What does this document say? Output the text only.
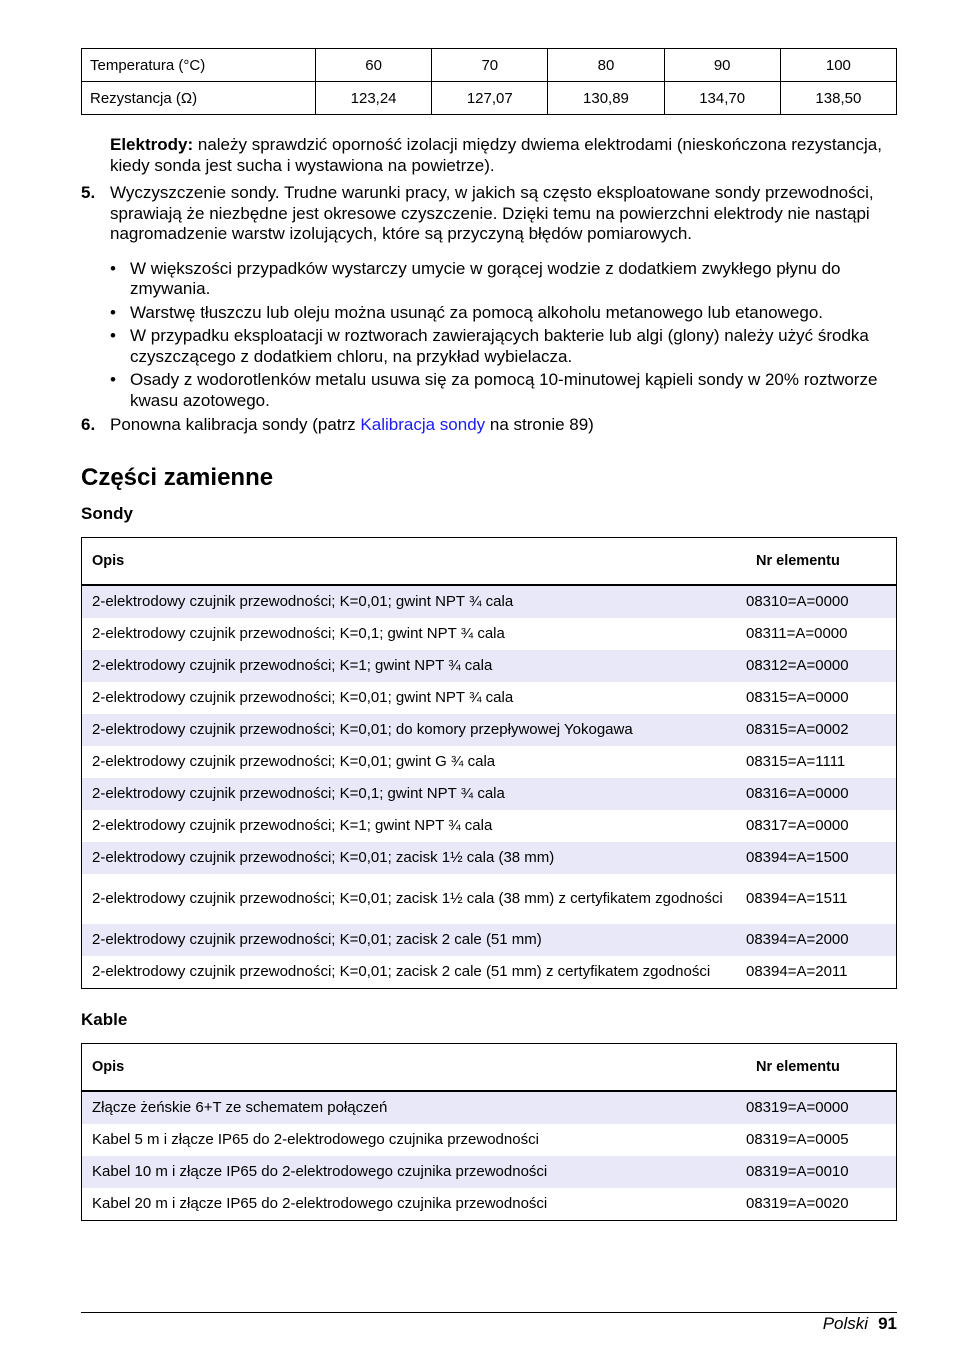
Temperatura (°C)	60	70	80	90	100
Rezystancja (Ω)	123,24	127,07	130,89	134,70	138,50

Elektrody: należy sprawdzić oporność izolacji między dwiema elektrodami (nieskończona rezystancja, kiedy sonda jest sucha i wystawiona na powietrze).

5. Wyczyszczenie sondy. Trudne warunki pracy, w jakich są często eksploatowane sondy przewodności, sprawiają że niezbędne jest okresowe czyszczenie. Dzięki temu na powierzchni elektrody nie nastąpi nagromadzenie warstw izolujących, które są przyczyną błędów pomiarowych.
• W większości przypadków wystarczy umycie w gorącej wodzie z dodatkiem zwykłego płynu do zmywania.
• Warstwę tłuszczu lub oleju można usunąć za pomocą alkoholu metanowego lub etanowego.
• W przypadku eksploatacji w roztworach zawierających bakterie lub algi (glony) należy użyć środka czyszczącego z dodatkiem chloru, na przykład wybielacza.
• Osady z wodorotlenków metalu usuwa się za pomocą 10-minutowej kąpieli sondy w 20% roztworze kwasu azotowego.
6. Ponowna kalibracja sondy (patrz Kalibracja sondy na stronie 89)
Części zamienne
Sondy
Opis	Nr elementu
2-elektrodowy czujnik przewodności; K=0,01; gwint NPT ¾ cala	08310=A=0000
2-elektrodowy czujnik przewodności; K=0,1; gwint NPT ¾ cala	08311=A=0000
2-elektrodowy czujnik przewodności; K=1; gwint NPT ¾ cala	08312=A=0000
2-elektrodowy czujnik przewodności; K=0,01; gwint NPT ¾ cala	08315=A=0000
2-elektrodowy czujnik przewodności; K=0,01; do komory przepływowej Yokogawa	08315=A=0002
2-elektrodowy czujnik przewodności; K=0,01; gwint G ¾ cala	08315=A=1111
2-elektrodowy czujnik przewodności; K=0,1; gwint NPT ¾ cala	08316=A=0000
2-elektrodowy czujnik przewodności; K=1; gwint NPT ¾ cala	08317=A=0000
2-elektrodowy czujnik przewodności; K=0,01; zacisk 1½ cala (38 mm)	08394=A=1500
2-elektrodowy czujnik przewodności; K=0,01; zacisk 1½ cala (38 mm) z certyfikatem zgodności	08394=A=1511
2-elektrodowy czujnik przewodności; K=0,01; zacisk 2 cale (51 mm)	08394=A=2000
2-elektrodowy czujnik przewodności; K=0,01; zacisk 2 cale (51 mm) z certyfikatem zgodności	08394=A=2011
Kable
Opis	Nr elementu
Złącze żeńskie 6+T ze schematem połączeń	08319=A=0000
Kabel 5 m i złącze IP65 do 2-elektrodowego czujnika przewodności	08319=A=0005
Kabel 10 m i złącze IP65 do 2-elektrodowego czujnika przewodności	08319=A=0010
Kabel 20 m i złącze IP65 do 2-elektrodowego czujnika przewodności	08319=A=0020
Polski 91
